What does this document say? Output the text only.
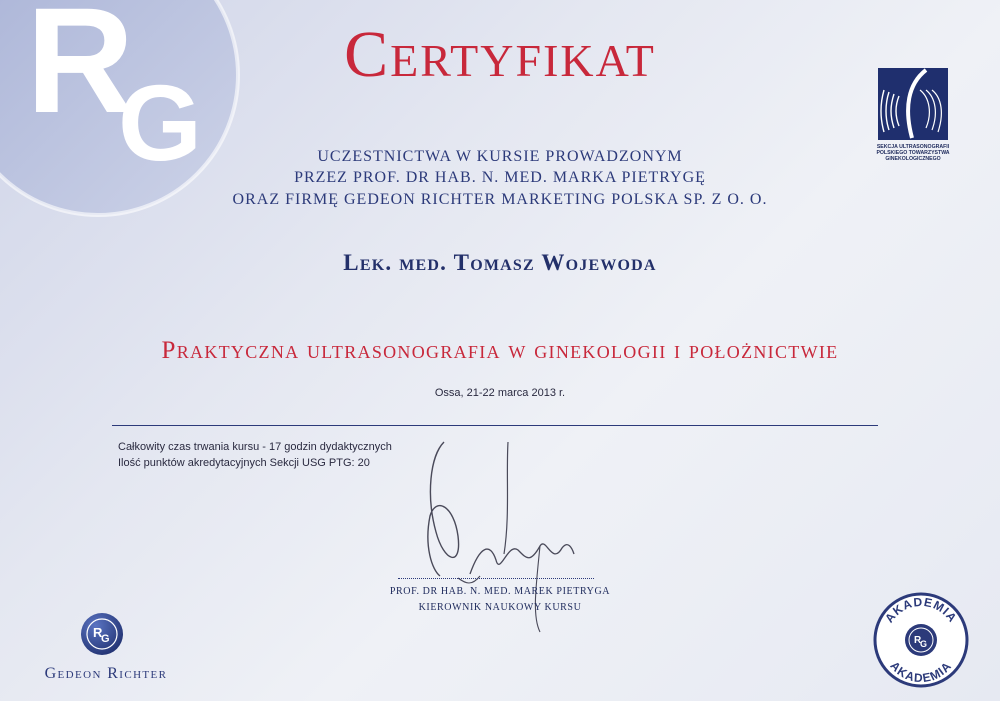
R
G
Certyfikat
UCZESTNICTWA W KURSIE PROWADZONYM
PRZEZ PROF. DR HAB. N. MED. MARKA PIETRYGĘ
ORAZ FIRMĘ GEDEON RICHTER MARKETING POLSKA SP. Z O. O.
Lek. med. Tomasz Wojewoda
Praktyczna ultrasonografia w ginekologii i położnictwie
Ossa, 21-22 marca 2013 r.
Całkowity czas trwania kursu - 17 godzin dydaktycznych
Ilość punktów akredytacyjnych Sekcji USG PTG: 20
PROF. DR HAB. N. MED. MAREK PIETRYGA
KIEROWNIK NAUKOWY KURSU
SEKCJA ULTRASONOGRAFII
POLSKIEGO TOWARZYSTWA
GINEKOLOGICZNEGO
R
G
Gedeon Richter
AKADEMIA
AKADEMIA
R
G
